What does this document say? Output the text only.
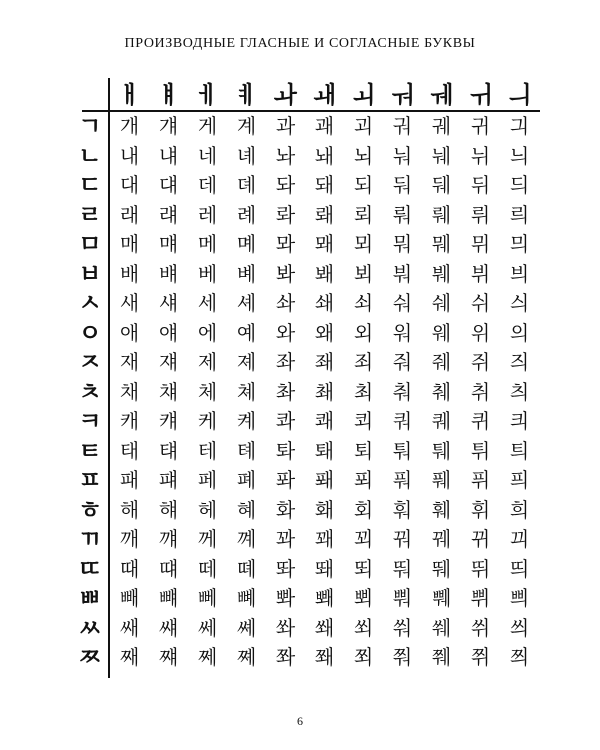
ПРОИЗВОДНЫЕ ГЛАСНЫЕ И СОГЛАСНЫЕ БУКВЫ
ㅐ ㅒ ㅔ ㅖ ㅘ ㅙ ㅚ ㅝ ㅞ ㅟ ㅢ
ㄱ 개 걔 게 계 과 괘 괴 궈 궤 귀 긔
ㄴ 내 냬 네 녜 놔 놰 뇌 눠 눼 뉘 늬
ㄷ 대 댸 데 뎨 돠 돼 되 둬 뒈 뒤 듸
ㄹ 래 럐 레 례 롸 뢔 뢰 뤄 뤠 뤼 릐
ㅁ 매 먜 메 몌 뫄 뫠 뫼 뭐 뭬 뮈 믜
ㅂ 배 뱨 베 볘 봐 봬 뵈 붜 붸 뷔 븨
ㅅ 새 섀 세 셰 솨 쇄 쇠 숴 쉐 쉬 싀
ㅇ 애 얘 에 예 와 왜 외 워 웨 위 의
ㅈ 재 쟤 제 졔 좌 좨 죄 줘 줴 쥐 즤
ㅊ 채 챼 체 쳬 촤 쵀 최 춰 췌 취 츼
ㅋ 캐 컈 케 켸 콰 쾌 쾨 쿼 퀘 퀴 킈
ㅌ 태 턔 테 톄 톼 퇘 퇴 퉈 퉤 튀 틔
ㅍ 패 퍠 페 폐 퐈 퐤 푀 풔 풰 퓌 픠
ㅎ 해 햬 헤 혜 화 홰 회 훠 훼 휘 희
ㄲ 깨 꺠 께 꼐 꽈 꽤 꾀 꿔 꿰 뀌 끠
ㄸ 때 떄 떼 뗴 똬 뙈 뙤 뚸 뛔 뛰 띄
ㅃ 빼 뺴 뻬 뼤 뽜 뽸 뾔 뿨 쀄 쀠 쁴
ㅆ 쌔 썌 쎄 쎼 쏴 쐐 쐬 쒀 쒜 쒸 씌
ㅉ 째 쨰 쩨 쪠 쫘 쫴 쬐 쭤 쮀 쮜 쯰
6
